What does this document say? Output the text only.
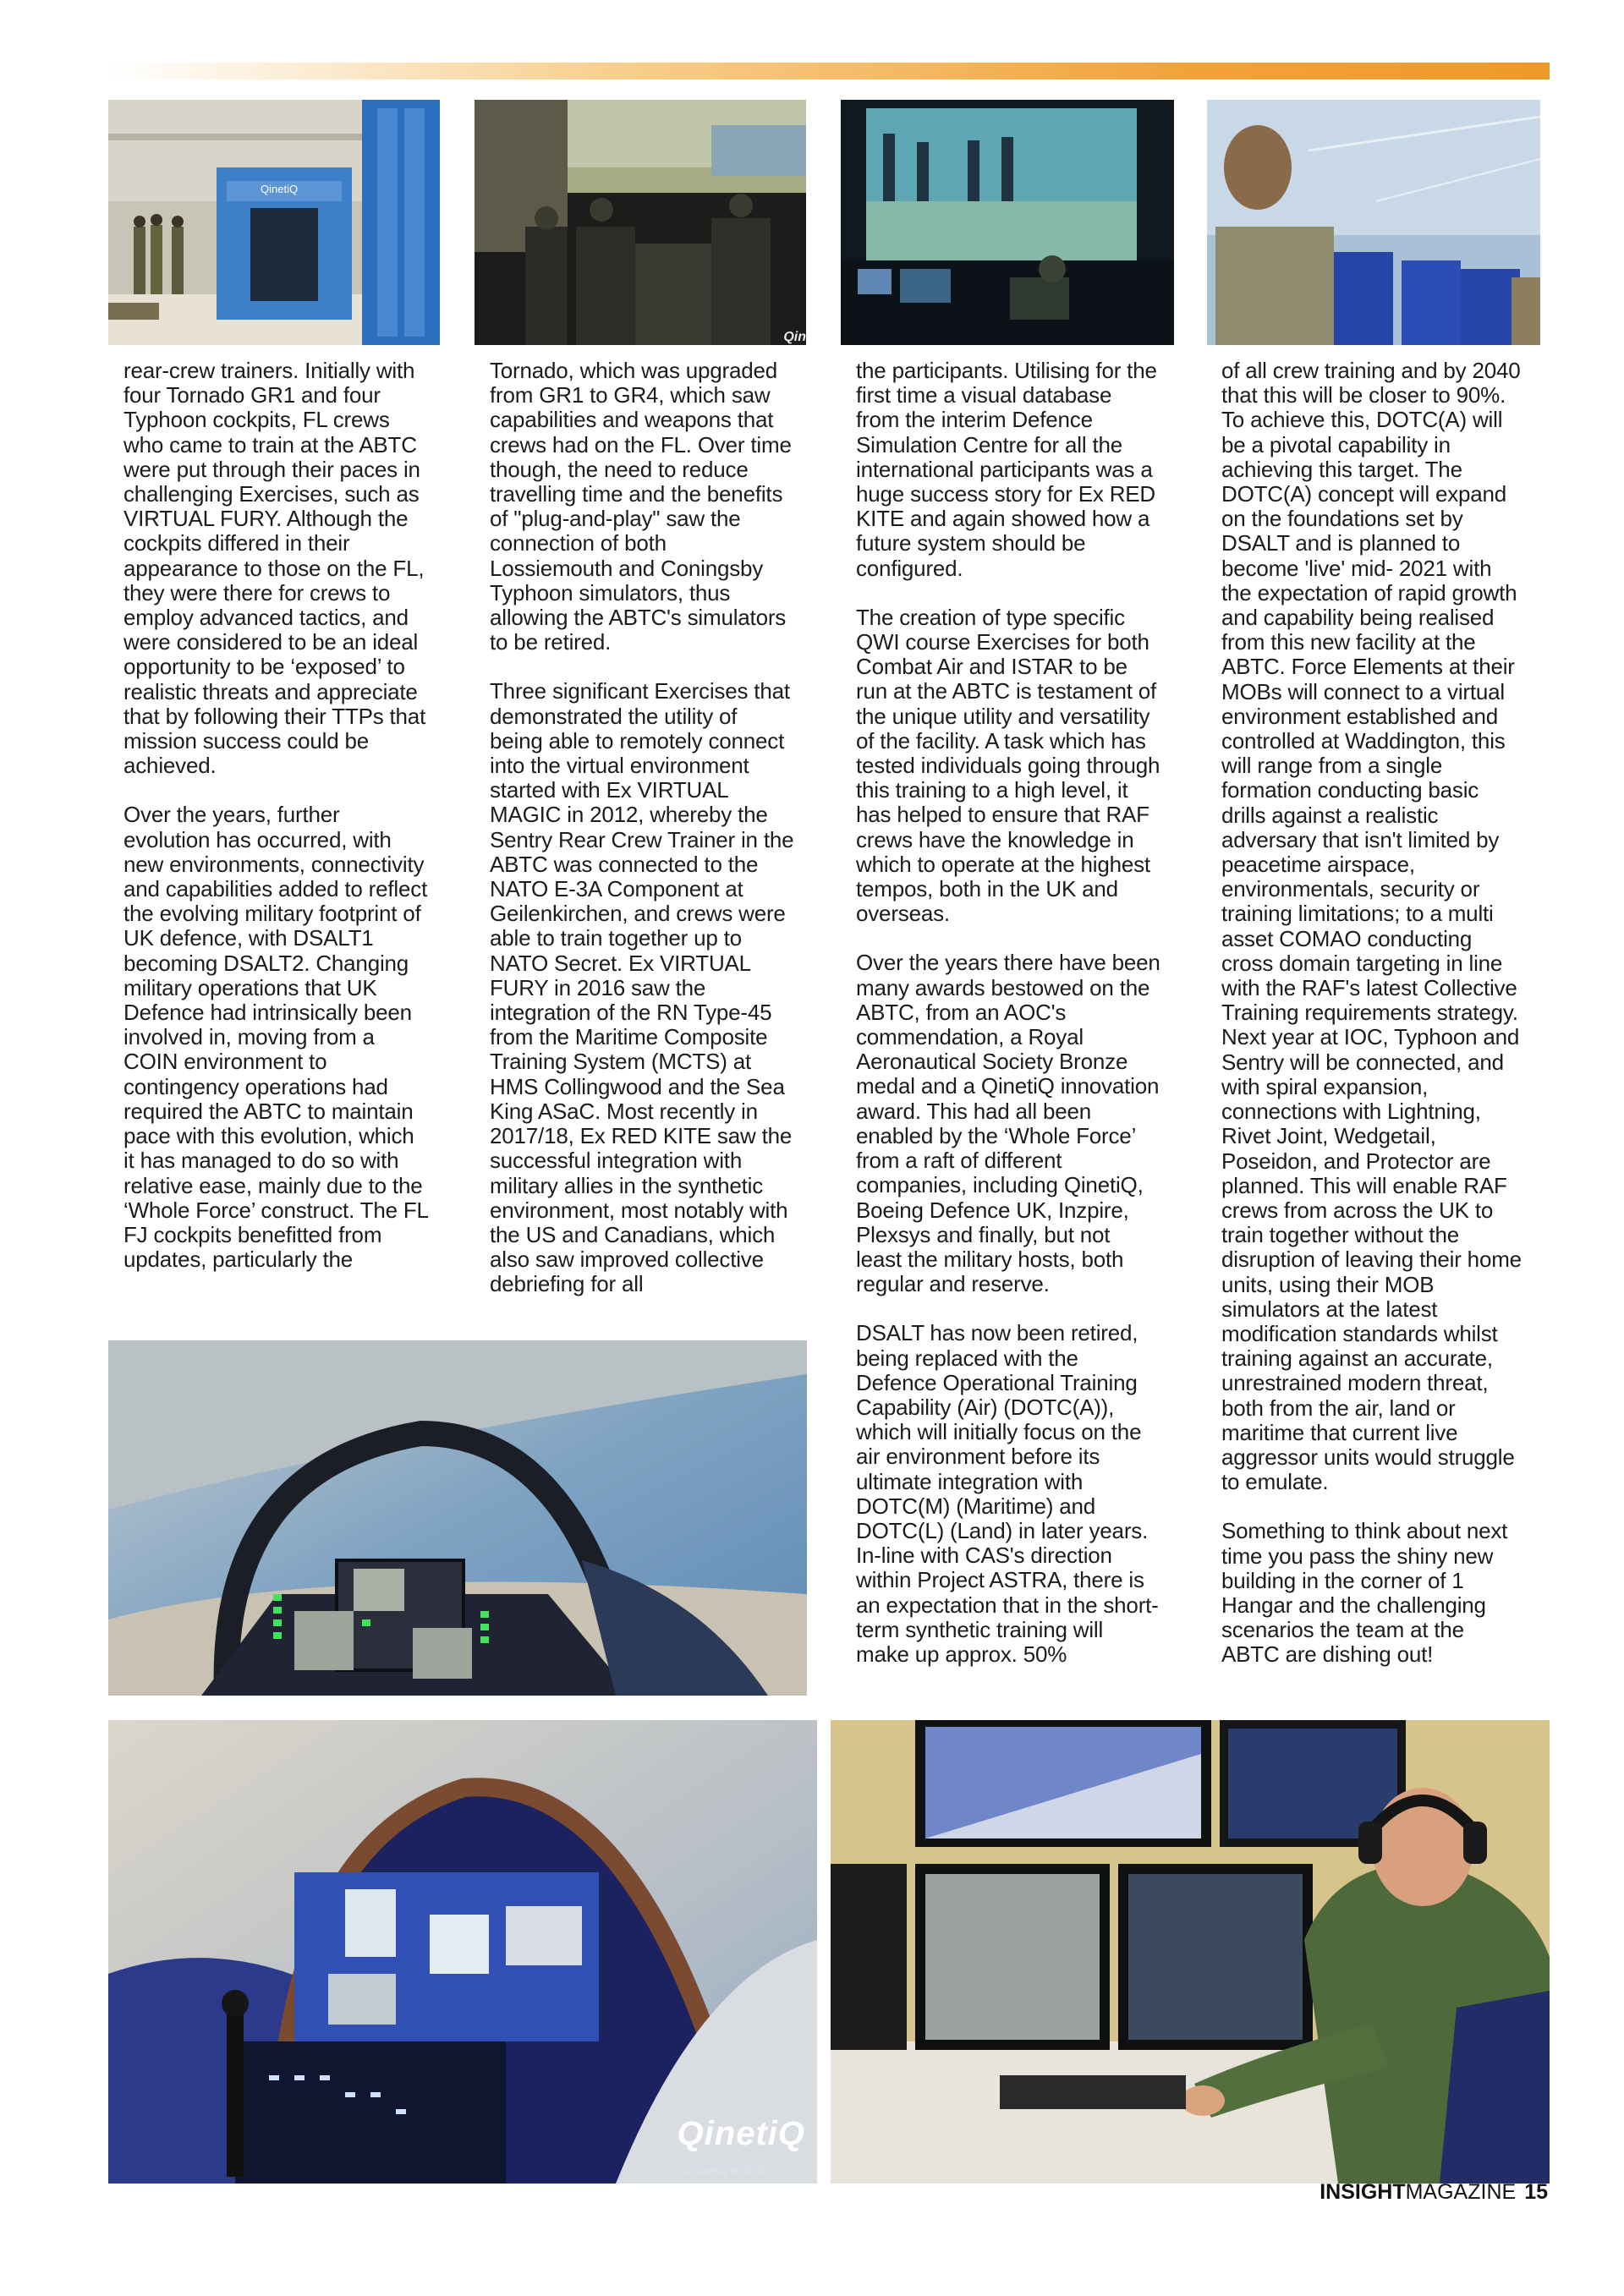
QinetiQ
Qin

rear-crew trainers. Initially with four Tornado GR1 and four Typhoon cockpits, FL crews who came to train at the ABTC were put through their paces in challenging Exercises, such as VIRTUAL FURY. Although the cockpits differed in their appearance to those on the FL, they were there for crews to employ advanced tactics, and were considered to be an ideal opportunity to be ‘exposed’ to realistic threats and appreciate that by following their TTPs that mission success could be achieved.

Over the years, further evolution has occurred, with new environments, connectivity and capabilities added to reflect the evolving military footprint of UK defence, with DSALT1 becoming DSALT2. Changing military operations that UK Defence had intrinsically been involved in, moving from a COIN environment to contingency operations had required the ABTC to maintain pace with this evolution, which it has managed to do so with relative ease, mainly due to the ‘Whole Force’ construct. The FL FJ cockpits benefitted from updates, particularly the

Tornado, which was upgraded from GR1 to GR4, which saw capabilities and weapons that crews had on the FL. Over time though, the need to reduce travelling time and the benefits of "plug-and-play" saw the connection of both Lossiemouth and Coningsby Typhoon simulators, thus allowing the ABTC's simulators to be retired.

Three significant Exercises that demonstrated the utility of being able to remotely connect into the virtual environment started with Ex VIRTUAL MAGIC in 2012, whereby the Sentry Rear Crew Trainer in the ABTC was connected to the NATO E-3A Component at Geilenkirchen, and crews were able to train together up to NATO Secret. Ex VIRTUAL FURY in 2016 saw the integration of the RN Type-45 from the Maritime Composite Training System (MCTS) at HMS Collingwood and the Sea King ASaC. Most recently in 2017/18, Ex RED KITE saw the successful integration with military allies in the synthetic environment, most notably with the US and Canadians, which also saw improved collective debriefing for all

the participants. Utilising for the first time a visual database from the interim Defence Simulation Centre for all the international participants was a huge success story for Ex RED KITE and again showed how a future system should be configured.

The creation of type specific QWI course Exercises for both Combat Air and ISTAR to be run at the ABTC is testament of the unique utility and versatility of the facility. A task which has tested individuals going through this training to a high level, it has helped to ensure that RAF crews have the knowledge in which to operate at the highest tempos, both in the UK and overseas.

Over the years there have been many awards bestowed on the ABTC, from an AOC's commendation, a Royal Aeronautical Society Bronze medal and a QinetiQ innovation award. This had all been enabled by the ‘Whole Force’ from a raft of different companies, including QinetiQ, Boeing Defence UK, Inzpire, Plexsys and finally, but not least the military hosts, both regular and reserve.

DSALT has now been retired, being replaced with the Defence Operational Training Capability (Air) (DOTC(A)), which will initially focus on the air environment before its ultimate integration with DOTC(M) (Maritime) and DOTC(L) (Land) in later years. In-line with CAS's direction within Project ASTRA, there is an expectation that in the short-term synthetic training will make up approx. 50%

of all crew training and by 2040 that this will be closer to 90%. To achieve this, DOTC(A) will be a pivotal capability in achieving this target. The DOTC(A) concept will expand on the foundations set by DSALT and is planned to become 'live' mid- 2021 with the expectation of rapid growth and capability being realised from this new facility at the ABTC. Force Elements at their MOBs will connect to a virtual environment established and controlled at Waddington, this will range from a single formation conducting basic drills against a realistic adversary that isn't limited by peacetime airspace, environmentals, security or training limitations; to a multi asset COMAO conducting cross domain targeting in line with the RAF's latest Collective Training requirements strategy. Next year at IOC, Typhoon and Sentry will be connected, and with spiral expansion, connections with Lightning, Rivet Joint, Wedgetail, Poseidon, and Protector are planned. This will enable RAF crews from across the UK to train together without the disruption of leaving their home units, using their MOB simulators at the latest modification standards whilst training against an accurate, unrestrained modern threat, both from the air, land or maritime that current live aggressor units would struggle to emulate.

Something to think about next time you pass the shiny new building in the corner of 1 Hangar and the challenging scenarios the team at the ABTC are dishing out!

QinetiQ
© QinetiQ ltd 2018
INSIGHTMAGAZINE 15
